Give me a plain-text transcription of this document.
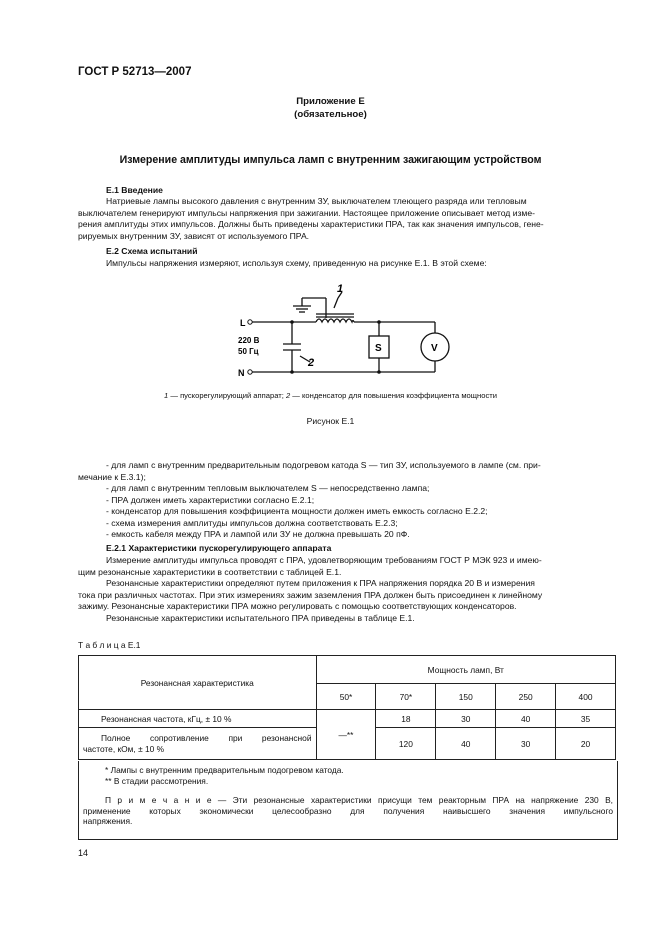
ГОСТ Р 52713—2007
Приложение Е
(обязательное)
Измерение амплитуды импульса ламп с внутренним зажигающим устройством
Е.1 Введение
Натриевые лампы высокого давления с внутренним ЗУ, выключателем тлеющего разряда или тепловым
выключателем генерируют импульсы напряжения при зажигании. Настоящее приложение описывает метод изме-
рения амплитуды этих импульсов. Должны быть приведены характеристики ПРА, так как значения импульсов, гене-
рируемых внутренним ЗУ, зависят от используемого ПРА.
Е.2 Схема испытаний
Импульсы напряжения измеряют, используя схему, приведенную на рисунке Е.1. В этой схеме:
1
2
L
N
220 В
50 Гц	S	V
1 — пускорегулирующий аппарат; 2 — конденсатор для повышения коэффициента мощности
Рисунок Е.1
- для ламп с внутренним предварительным подогревом катода S — тип ЗУ, используемого в лампе (см. при-
мечание к Е.3.1);
- для ламп с внутренним тепловым выключателем S — непосредственно лампа;
- ПРА должен иметь характеристики согласно Е.2.1;
- конденсатор для повышения коэффициента мощности должен иметь емкость согласно Е.2.2;
- схема измерения амплитуды импульсов должна соответствовать Е.2.3;
- емкость кабеля между ПРА и лампой или ЗУ не должна превышать 20 пФ.
Е.2.1 Характеристики пускорегулирующего аппарата
Измерение амплитуды импульса проводят с ПРА, удовлетворяющим требованиям ГОСТ Р МЭК 923 и имею-
щим резонансные характеристики в соответствии с таблицей Е.1.
Резонансные характеристики определяют путем приложения к ПРА напряжения порядка 20 В и измерения
тока при различных частотах. При этих измерениях зажим заземления ПРА должен быть присоединен к линейному
зажиму. Резонансные характеристики ПРА можно регулировать с помощью соответствующих конденсаторов.
Резонансные характеристики испытательного ПРА приведены в таблице Е.1.
Т а б л и ц а Е.1
Резонансная характеристика	Мощность ламп, Вт				
	50*	70*	150	250	400
Резонансная частота, кГц, ± 10 %	—**	18	30	40	35

Полное сопротивление при резонансной
частоте, кОм, ± 10 %		120	40	30	20
* Лампы с внутренним предварительным подогревом катода.
** В стадии рассмотрения.
П р и м е ч а н и е — Эти резонансные характеристики присущи тем реакторным ПРА на напряжение 230 В,
применение которых экономически целесообразно для получения наивысшего значения импульсного
напряжения.
14
